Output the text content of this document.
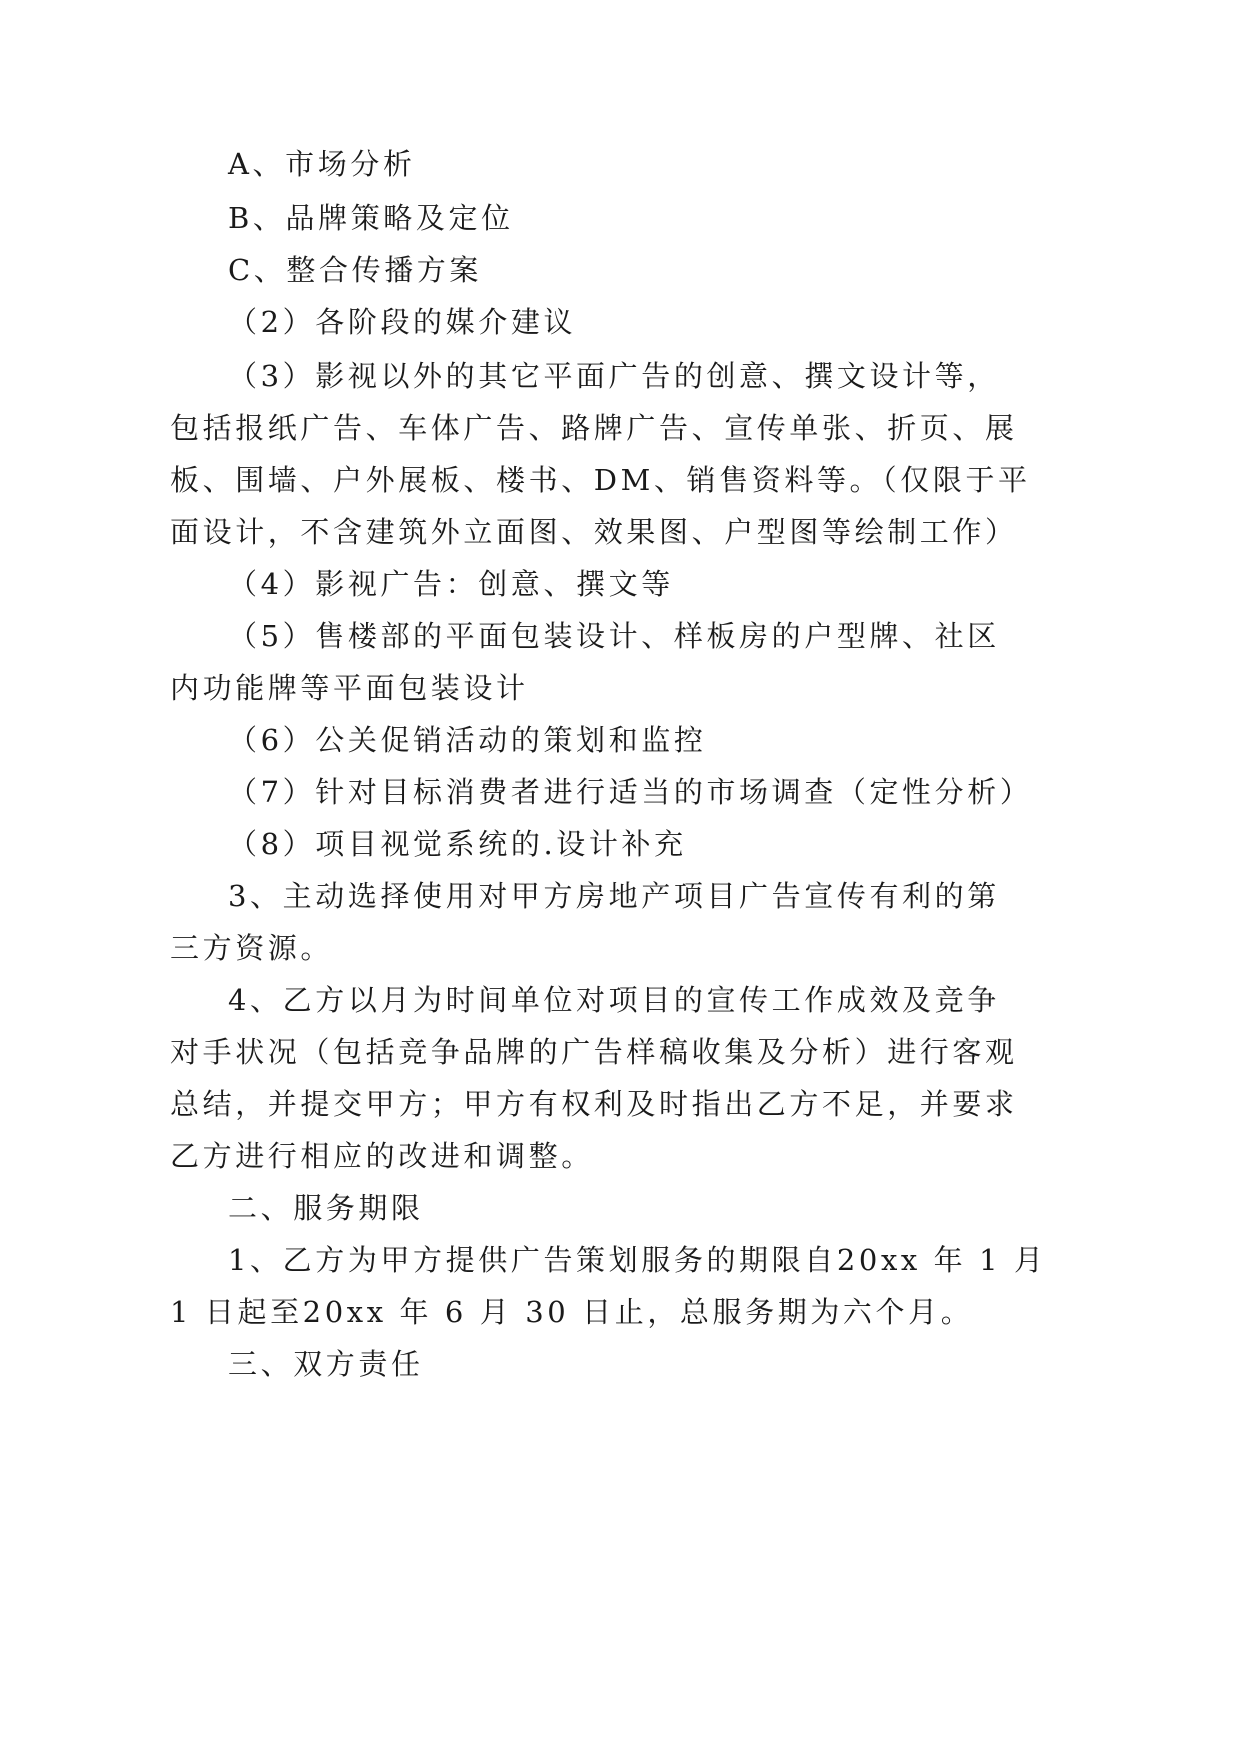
A、市场分析

B、品牌策略及定位

C、整合传播方案

（2）各阶段的媒介建议

（3）影视以外的其它平面广告的创意、撰文设计等，

包括报纸广告、车体广告、路牌广告、宣传单张、折页、展

板、围墙、户外展板、楼书、DM、销售资料等。（仅限于平

面设计，不含建筑外立面图、效果图、户型图等绘制工作）

（4）影视广告：创意、撰文等

（5）售楼部的平面包装设计、样板房的户型牌、社区

内功能牌等平面包装设计

（6）公关促销活动的策划和监控

（7）针对目标消费者进行适当的市场调查（定性分析）

（8）项目视觉系统的.设计补充

3、主动选择使用对甲方房地产项目广告宣传有利的第

三方资源。

4、乙方以月为时间单位对项目的宣传工作成效及竞争

对手状况（包括竞争品牌的广告样稿收集及分析）进行客观

总结，并提交甲方；甲方有权利及时指出乙方不足，并要求

乙方进行相应的改进和调整。

二、服务期限

1、乙方为甲方提供广告策划服务的期限自20xx 年 1 月

1 日起至20xx 年 6 月 30 日止，总服务期为六个月。

三、双方责任
